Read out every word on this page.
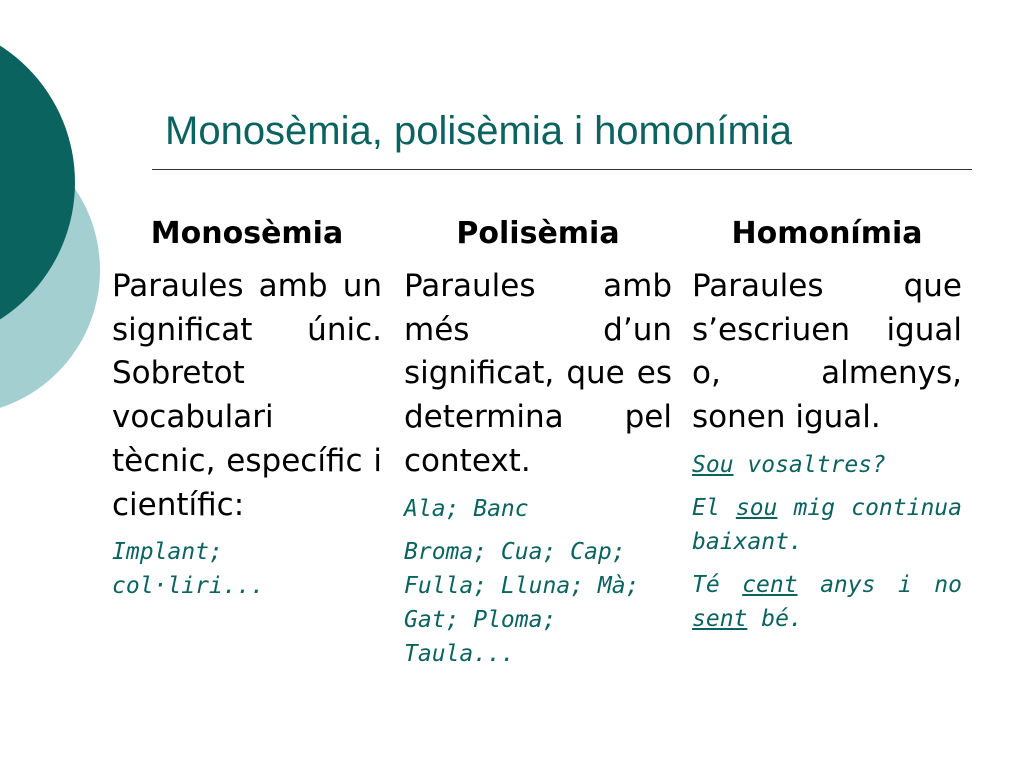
Monosèmia, polisèmia i homonímia
Monosèmia

Paraules amb un significat únic. Sobretot vocabulari tècnic, específic i científic:

Implant; col·liri...

Polisèmia

Paraules amb més d’un significat, que es determina pel context.

Ala; Banc

Broma; Cua; Cap; Fulla; Lluna; Mà; Gat; Ploma; Taula...

Homonímia

Paraules que s’escriuen igual o, almenys, sonen igual.

Sou vosaltres?

El sou mig continua baixant.

Té cent anys i no sent bé.
